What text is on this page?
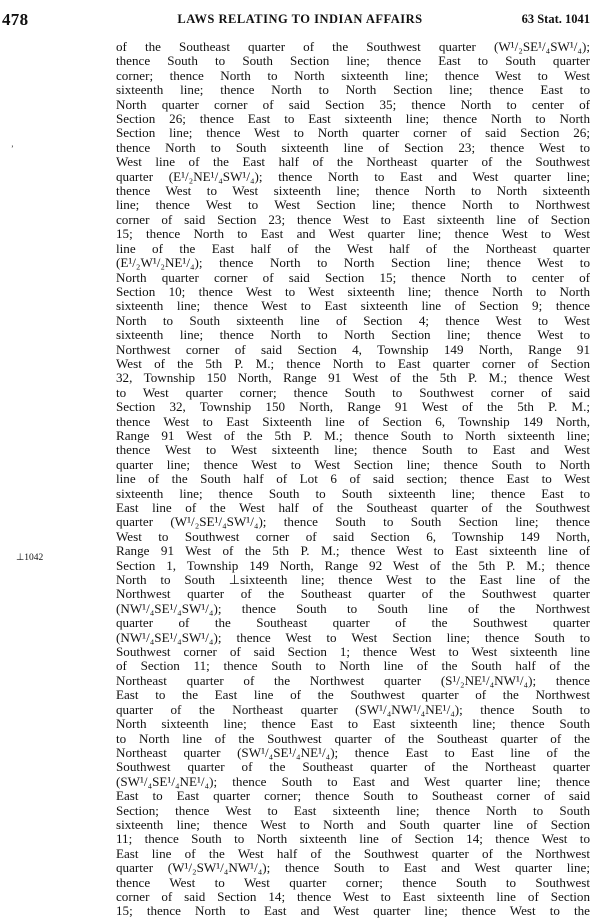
478	LAWS RELATING TO INDIAN AFFAIRS	63 Stat. 1041
ʼ
⊥1042
of the Southeast quarter of the Southwest quarter (W¹/₂SE¹/₄SW¹/₄);
thence South to South Section line; thence East to South quarter
corner; thence North to North sixteenth line; thence West to West
sixteenth line; thence North to North Section line; thence East to
North quarter corner of said Section 35; thence North to center of
Section 26; thence East to East sixteenth line; thence North to North
Section line; thence West to North quarter corner of said Section 26;
thence North to South sixteenth line of Section 23; thence West to
West line of the East half of the Northeast quarter of the Southwest
quarter (E¹/₂NE¹/₄SW¹/₄); thence North to East and West quarter line;
thence West to West sixteenth line; thence North to North sixteenth
line; thence West to West Section line; thence North to Northwest
corner of said Section 23; thence West to East sixteenth line of Section
15; thence North to East and West quarter line; thence West to West
line of the East half of the West half of the Northeast quarter
(E¹/₂W¹/₂NE¹/₄); thence North to North Section line; thence West to
North quarter corner of said Section 15; thence North to center of
Section 10; thence West to West sixteenth line; thence North to North
sixteenth line; thence West to East sixteenth line of Section 9; thence
North to South sixteenth line of Section 4; thence West to West
sixteenth line; thence North to North Section line; thence West to
Northwest corner of said Section 4, Township 149 North, Range 91
West of the 5th P. M.; thence North to East quarter corner of Section
32, Township 150 North, Range 91 West of the 5th P. M.; thence West
to West quarter corner; thence South to Southwest corner of said
Section 32, Township 150 North, Range 91 West of the 5th P. M.;
thence West to East Sixteenth line of Section 6, Township 149 North,
Range 91 West of the 5th P. M.; thence South to North sixteenth line;
thence West to West sixteenth line; thence South to East and West
quarter line; thence West to West Section line; thence South to North
line of the South half of Lot 6 of said section; thence East to West
sixteenth line; thence South to South sixteenth line; thence East to
East line of the West half of the Southeast quarter of the Southwest
quarter (W¹/₂SE¹/₄SW¹/₄); thence South to South Section line; thence
West to Southwest corner of said Section 6, Township 149 North,
Range 91 West of the 5th P. M.; thence West to East sixteenth line of
Section 1, Township 149 North, Range 92 West of the 5th P. M.; thence
North to South ⊥sixteenth line; thence West to the East line of the
Northwest quarter of the Southeast quarter of the Southwest quarter
(NW¹/₄SE¹/₄SW¹/₄); thence South to South line of the Northwest
quarter of the Southeast quarter of the Southwest quarter
(NW¹/₄SE¹/₄SW¹/₄); thence West to West Section line; thence South to
Southwest corner of said Section 1; thence West to West sixteenth line
of Section 11; thence South to North line of the South half of the
Northeast quarter of the Northwest quarter (S¹/₂NE¹/₄NW¹/₄); thence
East to the East line of the Southwest quarter of the Northwest
quarter of the Northeast quarter (SW¹/₄NW¹/₄NE¹/₄); thence South to
North sixteenth line; thence East to East sixteenth line; thence South
to North line of the Southwest quarter of the Southeast quarter of the
Northeast quarter (SW¹/₄SE¹/₄NE¹/₄); thence East to East line of the
Southwest quarter of the Southeast quarter of the Northeast quarter
(SW¹/₄SE¹/₄NE¹/₄); thence South to East and West quarter line; thence
East to East quarter corner; thence South to Southeast corner of said
Section; thence West to East sixteenth line; thence North to South
sixteenth line; thence West to North and South quarter line of Section
11; thence South to North sixteenth line of Section 14; thence West to
East line of the West half of the Southwest quarter of the Northwest
quarter (W¹/₂SW¹/₄NW¹/₄); thence South to East and West quarter line;
thence West to West quarter corner; thence South to Southwest
corner of said Section 14; thence West to East sixteenth line of Section
15; thence North to East and West quarter line; thence West to the
